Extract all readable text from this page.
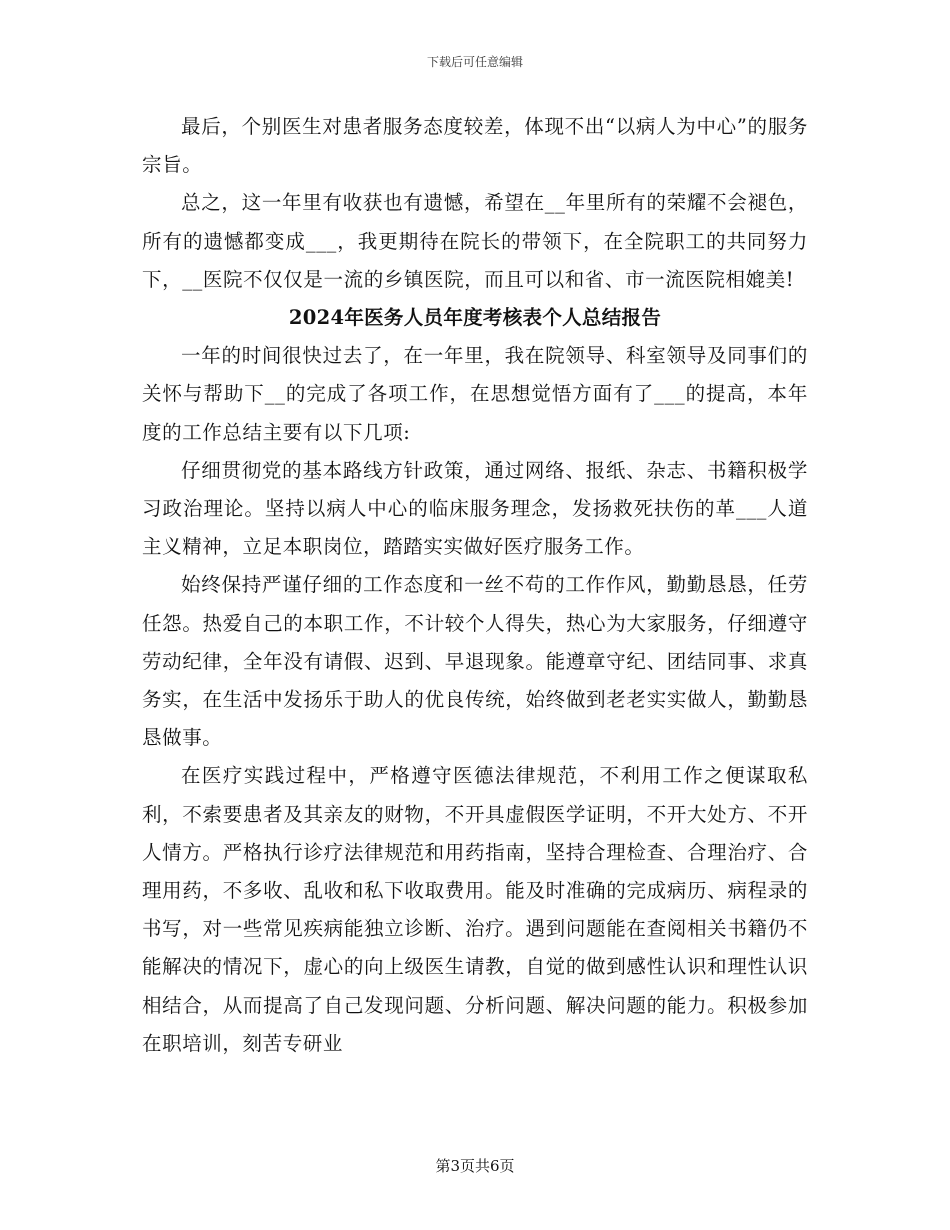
下载后可任意编辑

最后，个别医生对患者服务态度较差，体现不出“以病人为中心”的服务宗旨。

总之，这一年里有收获也有遗憾，希望在__年里所有的荣耀不会褪色，所有的遗憾都变成___，我更期待在院长的带领下，在全院职工的共同努力下，__医院不仅仅是一流的乡镇医院，而且可以和省、市一流医院相媲美!

2024年医务人员年度考核表个人总结报告

一年的时间很快过去了，在一年里，我在院领导、科室领导及同事们的关怀与帮助下__的完成了各项工作，在思想觉悟方面有了___的提高，本年度的工作总结主要有以下几项:

仔细贯彻党的基本路线方针政策，通过网络、报纸、杂志、书籍积极学习政治理论。坚持以病人中心的临床服务理念，发扬救死扶伤的革___人道主义精神，立足本职岗位，踏踏实实做好医疗服务工作。

始终保持严谨仔细的工作态度和一丝不苟的工作作风，勤勤恳恳，任劳任怨。热爱自己的本职工作，不计较个人得失，热心为大家服务，仔细遵守劳动纪律，全年没有请假、迟到、早退现象。能遵章守纪、团结同事、求真务实，在生活中发扬乐于助人的优良传统，始终做到老老实实做人，勤勤恳恳做事。

在医疗实践过程中，严格遵守医德法律规范，不利用工作之便谋取私利，不索要患者及其亲友的财物，不开具虚假医学证明，不开大处方、不开人情方。严格执行诊疗法律规范和用药指南，坚持合理检查、合理治疗、合理用药，不多收、乱收和私下收取费用。能及时准确的完成病历、病程录的书写，对一些常见疾病能独立诊断、治疗。遇到问题能在查阅相关书籍仍不能解决的情况下，虚心的向上级医生请教，自觉的做到感性认识和理性认识相结合，从而提高了自己发现问题、分析问题、解决问题的能力。积极参加在职培训，刻苦专研业

第3页共6页
